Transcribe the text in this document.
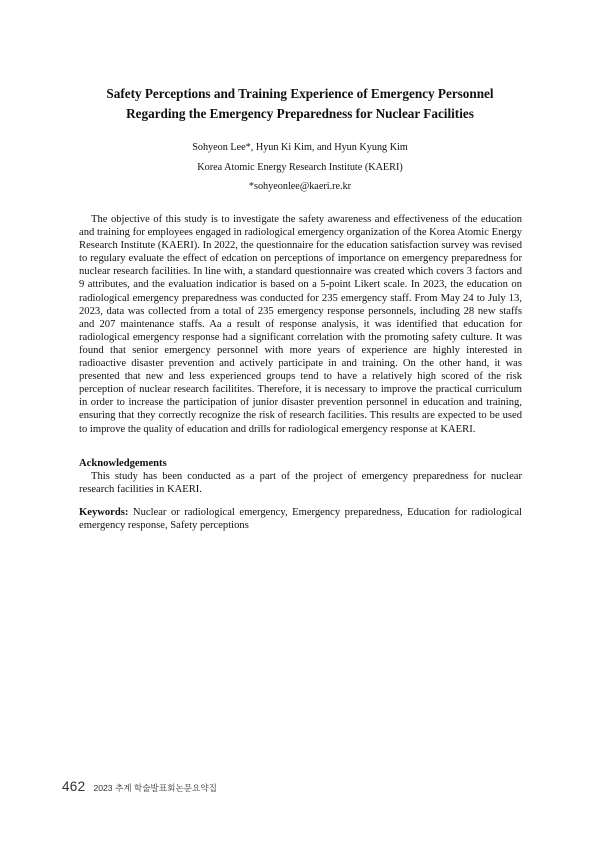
Safety Perceptions and Training Experience of Emergency Personnel
Regarding the Emergency Preparedness for Nuclear Facilities
Sohyeon Lee*, Hyun Ki Kim, and Hyun Kyung Kim
Korea Atomic Energy Research Institute (KAERI)
*sohyeonlee@kaeri.re.kr

The objective of this study is to investigate the safety awareness and effectiveness of the education and training for employees engaged in radiological emergency organization of the Korea Atomic Energy Research Institute (KAERI). In 2022, the questionnaire for the education satisfaction survey was revised to regulary evaluate the effect of edcation on perceptions of importance on emergency preparedness for nuclear research facilities. In line with, a standard questionnaire was created which covers 3 factors and 9 attributes, and the evaluation indicatior is based on a 5-point Likert scale. In 2023, the education on radiological emergency preparedness was conducted for 235 emergency staff. From May 24 to July 13, 2023, data was collected from a total of 235 emergency response personnels, including 28 new staffs and 207 maintenance staffs. Aa a result of response analysis, it was identified that education for radiological emergency response had a significant correlation with the promoting safety culture. It was found that senior emergency personnel with more years of experience are highly interested in radioactive disaster prevention and actively participate in and training. On the other hand, it was presented that new and less experienced groups tend to have a relatively high scored of the risk perception of nuclear research facilitites. Therefore, it is necessary to improve the practical curriculum in order to increase the participation of junior disaster prevention personnel in education and training, ensuring that they correctly recognize the risk of research facilities. This results are expected to be used to improve the quality of education and drills for radiological emergency response at KAERI.

Acknowledgements

This study has been conducted as a part of the project of emergency preparedness for nuclear research facilities in KAERI.

Keywords: Nuclear or radiological emergency, Emergency preparedness, Education for radiological emergency response, Safety perceptions

462 2023 추계 학술발표회논문요약집
